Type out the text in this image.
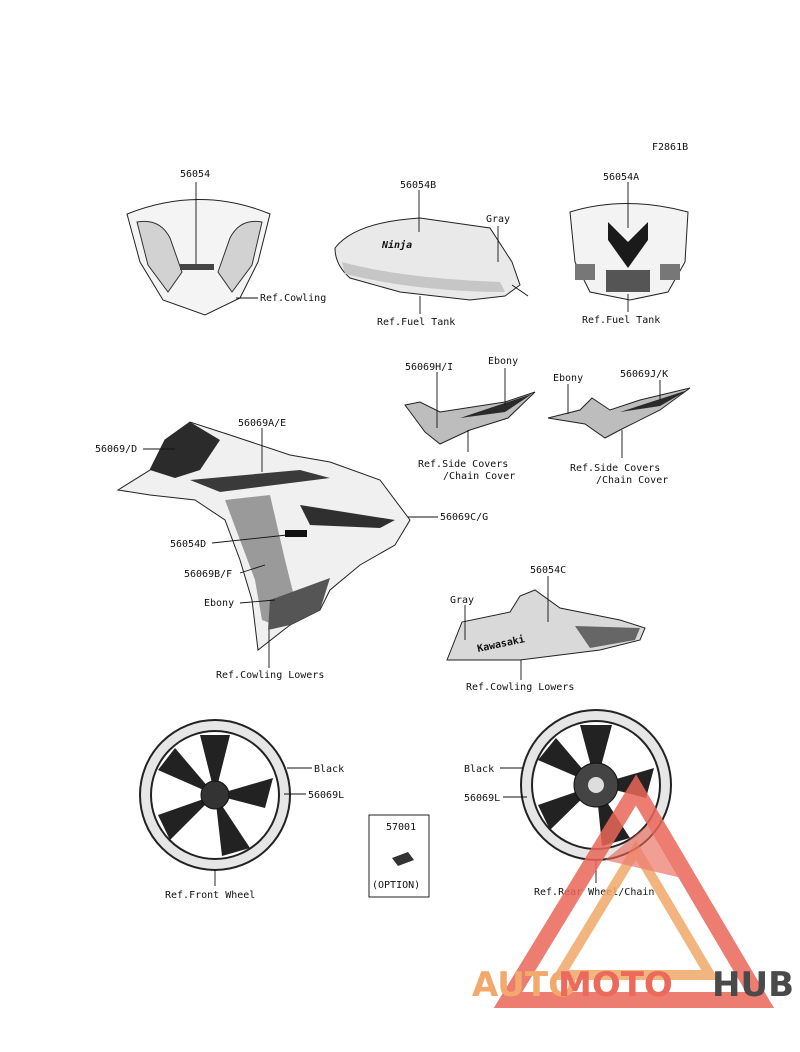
F2861B
56054
Ref.Cowling
Ninja
56054B
Gray
Ref.Fuel Tank
56054A
Ref.Fuel Tank
56069H/I
Ebony
Ref.Side Covers
/Chain Cover
Ebony	56069J/K
Ref.Side Covers
/Chain Cover
56069/D
56069A/E
56069C/G
56054D
56069B/F
Ebony
Ref.Cowling Lowers
Kawasaki
56054C
Gray
Ref.Cowling Lowers
Black
56069L
Ref.Front Wheel
57001
(OPTION)
Black
56069L
Ref.Rear Wheel/Chain
AUTO
MOTO HUB
